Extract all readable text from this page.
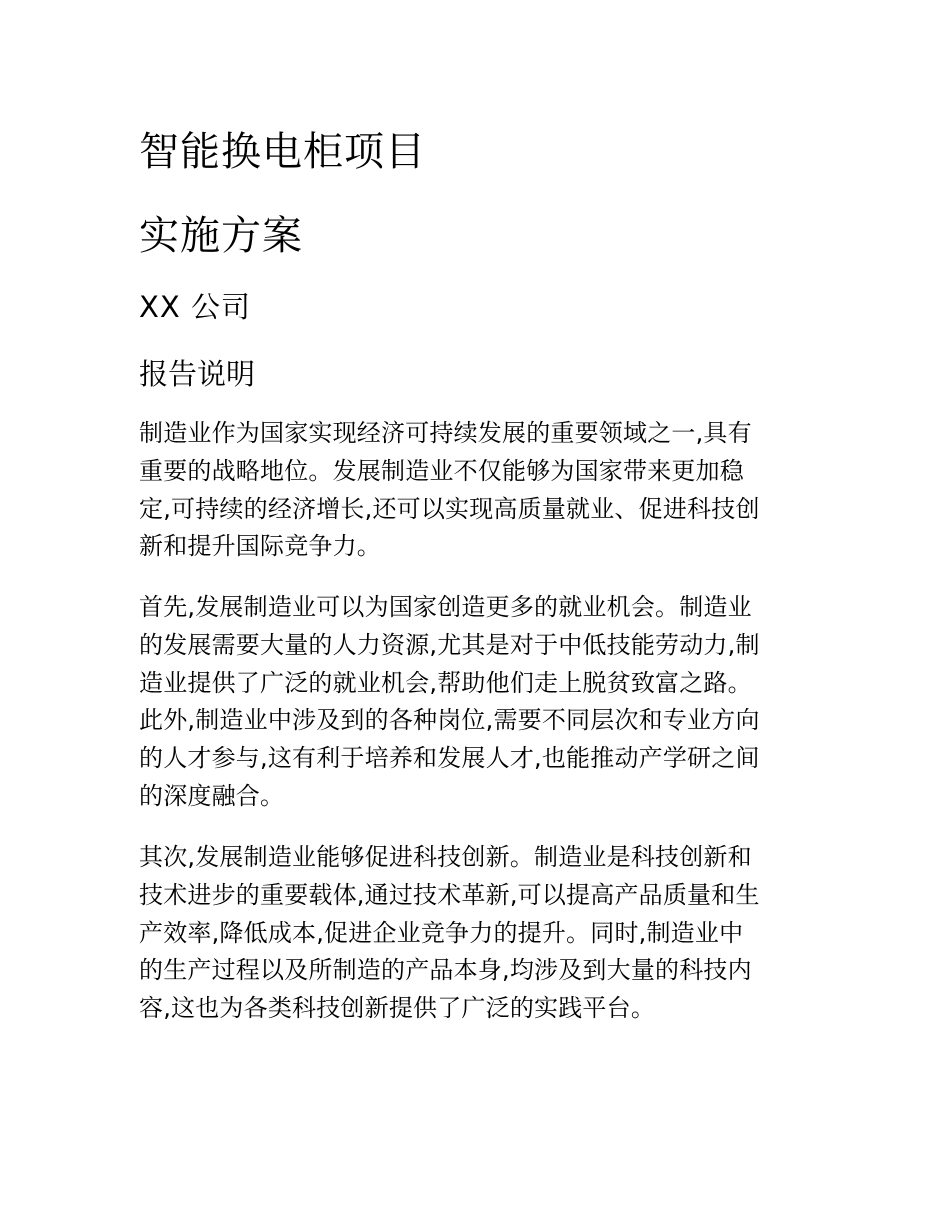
智能换电柜项目
实施方案
XX 公司
报告说明
制造业作为国家实现经济可持续发展的重要领域之一,具有
重要的战略地位。发展制造业不仅能够为国家带来更加稳
定,可持续的经济增长,还可以实现高质量就业、促进科技创
新和提升国际竞争力。
首先,发展制造业可以为国家创造更多的就业机会。制造业
的发展需要大量的人力资源,尤其是对于中低技能劳动力,制
造业提供了广泛的就业机会,帮助他们走上脱贫致富之路。
此外,制造业中涉及到的各种岗位,需要不同层次和专业方向
的人才参与,这有利于培养和发展人才,也能推动产学研之间
的深度融合。
其次,发展制造业能够促进科技创新。制造业是科技创新和
技术进步的重要载体,通过技术革新,可以提高产品质量和生
产效率,降低成本,促进企业竞争力的提升。同时,制造业中
的生产过程以及所制造的产品本身,均涉及到大量的科技内
容,这也为各类科技创新提供了广泛的实践平台。
